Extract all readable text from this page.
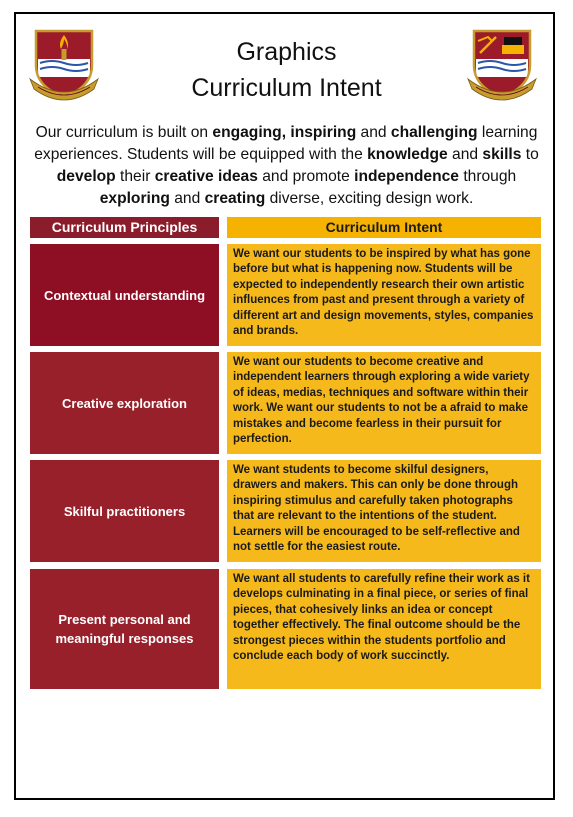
Graphics
Curriculum Intent
Our curriculum is built on engaging, inspiring and challenging learning experiences. Students will be equipped with the knowledge and skills to develop their creative ideas and promote independence through exploring and creating diverse, exciting design work.
Curriculum Principles	Curriculum Intent
Contextual understanding
We want our students to be inspired by what has gone before but what is happening now. Students will be expected to independently research their own artistic influences from past and present through a variety of different art and design movements, styles, companies and brands.
Creative exploration
We want our students to become creative and independent learners through exploring a wide variety of ideas, medias, techniques and software within their work. We want our students to not be a afraid to make mistakes and become fearless in their pursuit for perfection.
Skilful practitioners
We want students to become skilful designers, drawers and makers. This can only be done through inspiring stimulus and carefully taken photographs that are relevant to the intentions of the student. Learners will be encouraged to be self-reflective and not settle for the easiest route.
Present personal and meaningful responses
We want all students to carefully refine their work as it develops culminating in a final piece, or series of final pieces, that cohesively links an idea or concept together effectively. The final outcome should be the strongest pieces within the students portfolio and conclude each body of work succinctly.
